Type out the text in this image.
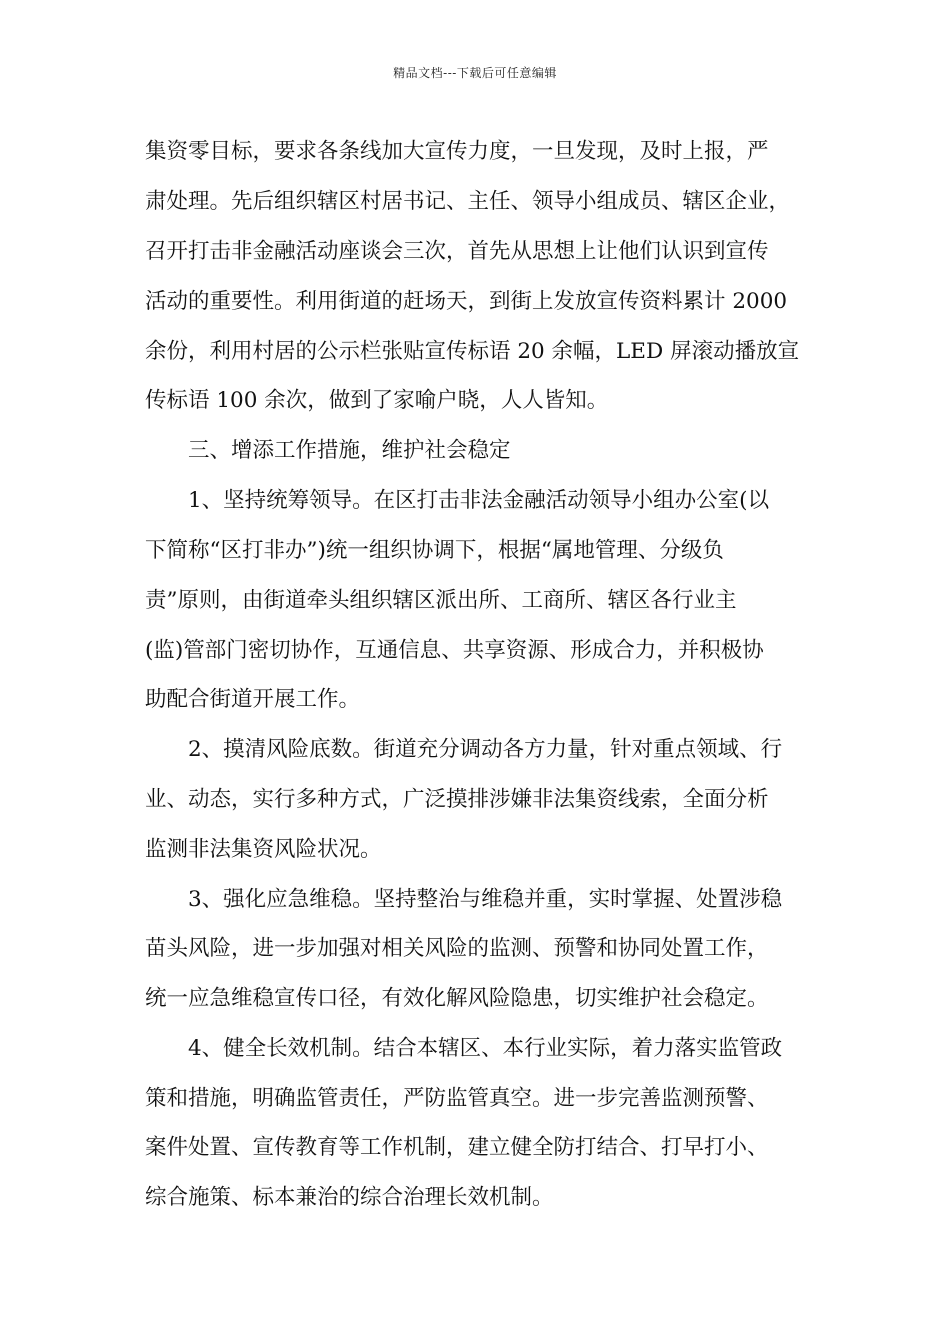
精品文档---下载后可任意编辑
集资零目标，要求各条线加大宣传力度，一旦发现，及时上报，严
肃处理。先后组织辖区村居书记、主任、领导小组成员、辖区企业，
召开打击非金融活动座谈会三次，首先从思想上让他们认识到宣传
活动的重要性。利用街道的赶场天，到街上发放宣传资料累计 2000
余份，利用村居的公示栏张贴宣传标语 20 余幅，LED 屏滚动播放宣
传标语 100 余次，做到了家喻户晓，人人皆知。
三、增添工作措施，维护社会稳定
1、坚持统筹领导。在区打击非法金融活动领导小组办公室(以
下简称“区打非办”)统一组织协调下，根据“属地管理、分级负
责”原则，由街道牵头组织辖区派出所、工商所、辖区各行业主
(监)管部门密切协作，互通信息、共享资源、形成合力，并积极协
助配合街道开展工作。
2、摸清风险底数。街道充分调动各方力量，针对重点领域、行
业、动态，实行多种方式，广泛摸排涉嫌非法集资线索，全面分析
监测非法集资风险状况。
3、强化应急维稳。坚持整治与维稳并重，实时掌握、处置涉稳
苗头风险，进一步加强对相关风险的监测、预警和协同处置工作，
统一应急维稳宣传口径，有效化解风险隐患，切实维护社会稳定。
4、健全长效机制。结合本辖区、本行业实际，着力落实监管政
策和措施，明确监管责任，严防监管真空。进一步完善监测预警、
案件处置、宣传教育等工作机制，建立健全防打结合、打早打小、
综合施策、标本兼治的综合治理长效机制。
